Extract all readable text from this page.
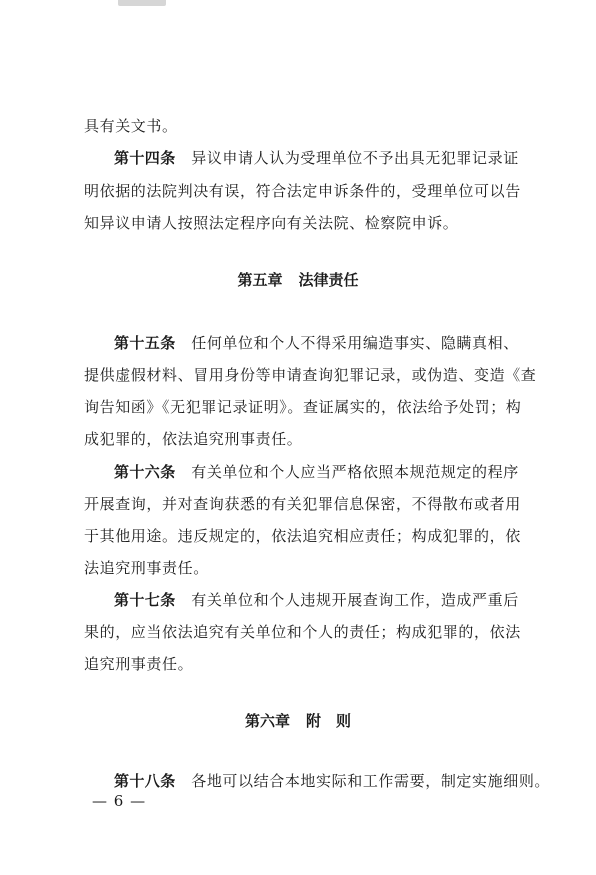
具有关文书。
第十四条　 异议申请人认为受理单位不予出具无犯罪记录证
明依据的法院判决有误，符合法定申诉条件的，受理单位可以告
知异议申请人按照法定程序向有关法院、检察院申诉。
第五章 法律责任
第十五条　 任何单位和个人不得采用编造事实、隐瞒真相、
提供虚假材料、冒用身份等申请查询犯罪记录，或伪造、变造《查
询告知函》《无犯罪记录证明》。查证属实的，依法给予处罚；构
成犯罪的，依法追究刑事责任。
第十六条　 有关单位和个人应当严格依照本规范规定的程序
开展查询，并对查询获悉的有关犯罪信息保密，不得散布或者用
于其他用途。违反规定的，依法追究相应责任；构成犯罪的，依
法追究刑事责任。
第十七条　 有关单位和个人违规开展查询工作，造成严重后
果的，应当依法追究有关单位和个人的责任；构成犯罪的，依法
追究刑事责任。
第六章 附　则
第十八条　 各地可以结合本地实际和工作需要，制定实施细则。
— 6 —
